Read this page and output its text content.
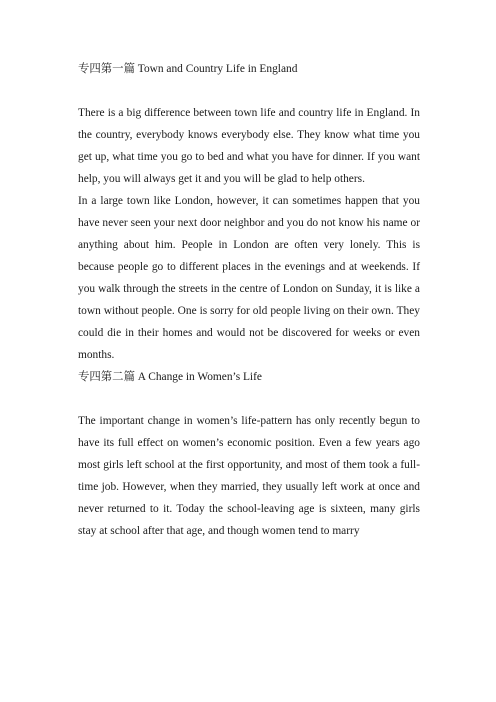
专四第一篇 Town and Country Life in England

There is a big difference between town life and country life in England. In the country, everybody knows everybody else. They know what time you get up, what time you go to bed and what you have for dinner. If you want help, you will always get it and you will be glad to help others.

In a large town like London, however, it can sometimes happen that you have never seen your next door neighbor and you do not know his name or anything about him. People in London are often very lonely. This is because people go to different places in the evenings and at weekends. If you walk through the streets in the centre of London on Sunday, it is like a town without people. One is sorry for old people living on their own. They could die in their homes and would not be discovered for weeks or even months.

专四第二篇 A Change in Women’s Life

The important change in women’s life-pattern has only recently begun to have its full effect on women’s economic position. Even a few years ago most girls left school at the first opportunity, and most of them took a full-time job. However, when they married, they usually left work at once and never returned to it. Today the school-leaving age is sixteen, many girls stay at school after that age, and though women tend to marry
